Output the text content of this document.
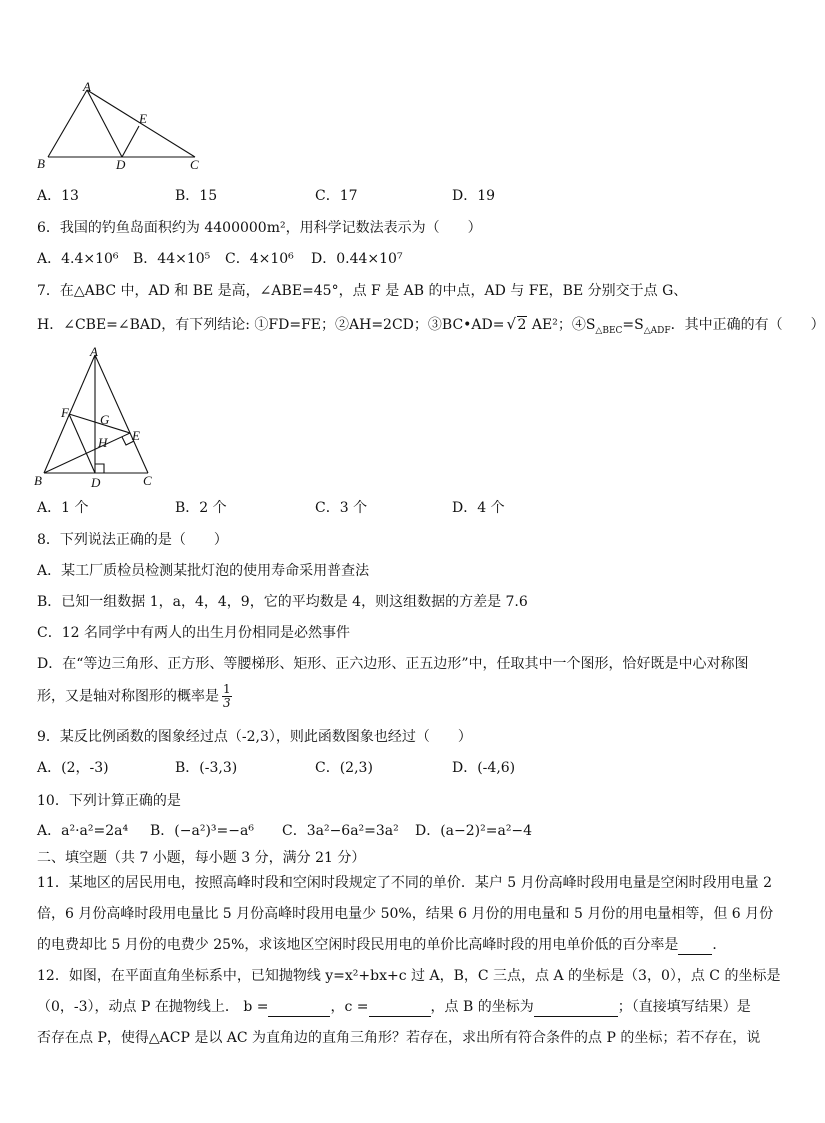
A
B	C
D
E
A．13	B．15	C．17	D．19
6．我国的钓鱼岛面积约为 4400000m²，用科学记数法表示为（　　）
A．4.4×10⁶ B．44×10⁵ C．4×10⁶ D．0.44×10⁷
7．在△ABC 中，AD 和 BE 是高，∠ABE=45°，点 F 是 AB 的中点，AD 与 FE，BE 分别交于点 G、
H．∠CBE=∠BAD，有下列结论: ①FD=FE；②AH=2CD；③BC•AD=√ 2 AE²；$④S_{\triangle BEC}=S_{\triangle ADF}$．其中正确的有（　　）
A
B	C
D
E
F G
H
A．1 个	B．2 个	C．3 个	D．4 个
8．下列说法正确的是（　　）
A．某工厂质检员检测某批灯泡的使用寿命采用普查法
B．已知一组数据 1，a，4，4，9，它的平均数是 4，则这组数据的方差是 7.6
C．12 名同学中有两人的出生月份相同是必然事件
D．在“等边三角形、正方形、等腰梯形、矩形、正六边形、正五边形”中，任取其中一个图形，恰好既是中心对称图
形，又是轴对称图形的概率是 $\frac{1}{3}$
9．某反比例函数的图象经过点（-2,3），则此函数图象也经过（　　）
A．(2，-3)	B．(-3,3)	C．(2,3)	D．(-4,6)
10．下列计算正确的是
A．a²·a²=2a⁴ B．(−a²)³=−a⁶ C．3a²−6a²=3a² D．(a−2)²=a²−4
二、填空题（共 7 小题，每小题 3 分，满分 21 分）
11．某地区的居民用电，按照高峰时段和空闲时段规定了不同的单价．某户 5 月份高峰时段用电量是空闲时段用电量 2
倍，6 月份高峰时段用电量比 5 月份高峰时段用电量少 50%，结果 6 月份的用电量和 5 月份的用电量相等，但 6 月份
的电费却比 5 月份的电费少 25%，求该地区空闲时段民用电的单价比高峰时段的用电单价低的百分率是 ．
12．如图，在平面直角坐标系中，已知抛物线 y=x²+bx+c 过 A，B，C 三点，点 A 的坐标是（3，0），点 C 的坐标是
（0，-3），动点 P 在抛物线上． b =	，c =	，点 B 的坐标为	；（直接填写结果）是
否存在点 P，使得△ACP 是以 AC 为直角边的直角三角形？若存在，求出所有符合条件的点 P 的坐标；若不存在，说
